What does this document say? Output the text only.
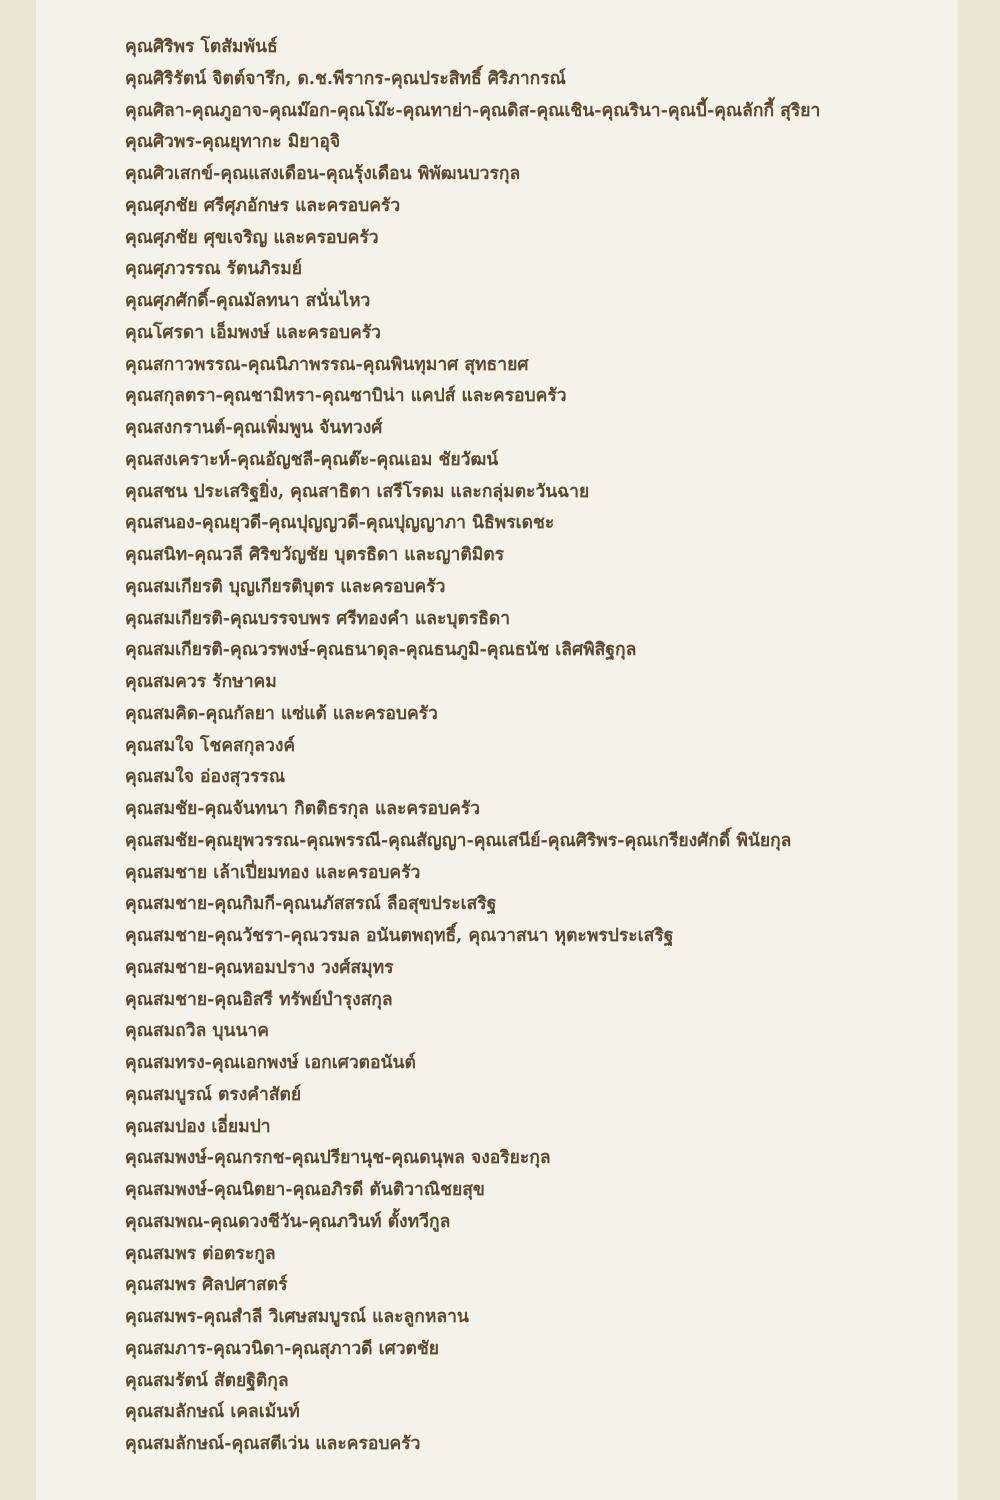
คุณศิริพร โตสัมพันธ์
คุณศิริรัตน์ จิตต์จารึก, ด.ช.พีรากร-คุณประสิทธิ์ ศิริภากรณ์
คุณศิลา-คุณภูอาจ-คุณม๊อก-คุณโม๊ะ-คุณทาย่า-คุณดิส-คุณเชิน-คุณรินา-คุณบี้-คุณลักกี้ สุริยา
คุณศิวพร-คุณยุทากะ มิยาอุจิ
คุณศิวเสกข์-คุณแสงเดือน-คุณรุ้งเดือน พิพัฒนบวรกุล
คุณศุภชัย ศรีศุภอักษร และครอบครัว
คุณศุภชัย ศุขเจริญ และครอบครัว
คุณศุภวรรณ รัตนภิรมย์
คุณศุภศักดิ์-คุณมัลทนา สนั่นไหว
คุณโศรดา เอ็มพงษ์ และครอบครัว
คุณสกาวพรรณ-คุณนิภาพรรณ-คุณพินทุมาศ สุทธายศ
คุณสกุลตรา-คุณชามิหรา-คุณซาบิน่า แคปส์ และครอบครัว
คุณสงกรานต์-คุณเพิ่มพูน จันทวงศ์
คุณสงเคราะห์-คุณอัญชลี-คุณต๊ะ-คุณเอม ชัยวัฒน์
คุณสชน ประเสริฐยิ่ง, คุณสาธิตา เสรีโรดม และกลุ่มตะวันฉาย
คุณสนอง-คุณยุวดี-คุณปุญญวดี-คุณปุญญาภา นิธิพรเดชะ
คุณสนิท-คุณวลี ศิริขวัญชัย บุตรธิดา และญาติมิตร
คุณสมเกียรติ บุญเกียรติบุตร และครอบครัว
คุณสมเกียรติ-คุณบรรจบพร ศรีทองคำ และบุตรธิดา
คุณสมเกียรติ-คุณวรพงษ์-คุณธนาดุล-คุณธนภูมิ-คุณธนัช เลิศพิสิฐกุล
คุณสมควร รักษาคม
คุณสมคิด-คุณกัลยา แซ่แต้ และครอบครัว
คุณสมใจ โชคสกุลวงค์
คุณสมใจ อ่องสุวรรณ
คุณสมชัย-คุณจันทนา กิตติธรกุล และครอบครัว
คุณสมชัย-คุณยุพวรรณ-คุณพรรณี-คุณสัญญา-คุณเสนีย์-คุณศิริพร-คุณเกรียงศักดิ์ พินัยกุล
คุณสมชาย เล้าเปี่ยมทอง และครอบครัว
คุณสมชาย-คุณกิมกี-คุณนภัสสรณ์ ลือสุขประเสริฐ
คุณสมชาย-คุณวัชรา-คุณวรมล อนันตพฤทธิ์, คุณวาสนา หุตะพรประเสริฐ
คุณสมชาย-คุณหอมปราง วงศ์สมุทร
คุณสมชาย-คุณอิสรี ทรัพย์บำรุงสกุล
คุณสมถวิล บุนนาค
คุณสมทรง-คุณเอกพงษ์ เอกเศวตอนันต์
คุณสมบูรณ์ ตรงคำสัตย์
คุณสมปอง เอี่ยมปา
คุณสมพงษ์-คุณกรกช-คุณปรียานุช-คุณดนุพล จงอริยะกุล
คุณสมพงษ์-คุณนิตยา-คุณอภิรดี ตันติวาณิชยสุข
คุณสมพณ-คุณดวงชีวัน-คุณภวินท์ ตั้งทวีกูล
คุณสมพร ต่อตระกูล
คุณสมพร ศิลปศาสตร์
คุณสมพร-คุณสำลี วิเศษสมบูรณ์ และลูกหลาน
คุณสมภาร-คุณวนิดา-คุณสุภาวดี เศวตชัย
คุณสมรัตน์ สัตยฐิติกุล
คุณสมลักษณ์ เคลเม้นท์
คุณสมลักษณ์-คุณสตีเว่น และครอบครัว
